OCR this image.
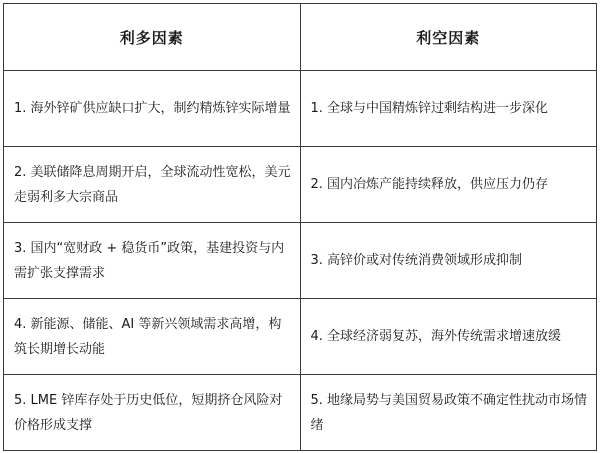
利多因素	利空因素
1. 海外锌矿供应缺口扩大，制约精炼锌实际增量	1. 全球与中国精炼锌过剩结构进一步深化
2. 美联储降息周期开启，全球流动性宽松，美元走弱利多大宗商品	2. 国内冶炼产能持续释放，供应压力仍存
3. 国内“宽财政 + 稳货币”政策，基建投资与内需扩张支撑需求	3. 高锌价或对传统消费领域形成抑制
4. 新能源、储能、AI 等新兴领域需求高增，构筑长期增长动能	4. 全球经济弱复苏，海外传统需求增速放缓
5. LME 锌库存处于历史低位，短期挤仓风险对价格形成支撑	5. 地缘局势与美国贸易政策不确定性扰动市场情绪
